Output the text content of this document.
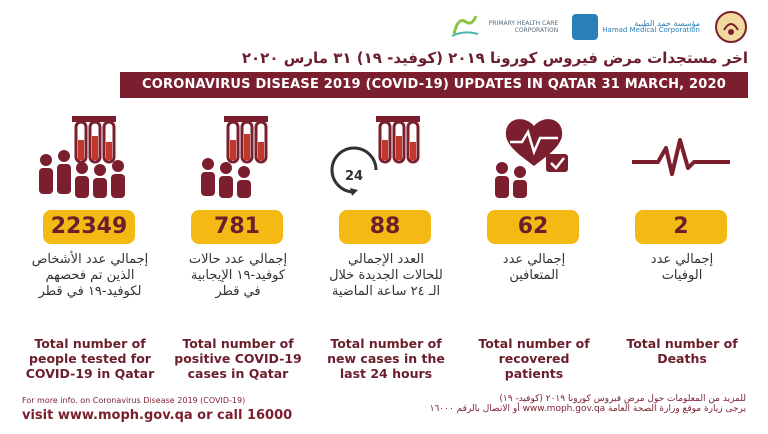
PRIMARY HEALTH CARE CORPORATION
مؤسسة حمد الطبية
Hamad Medical Corporation
اخر مستجدات مرض فيروس كورونا ٢٠١٩ (كوفيد- ١٩) ٣١ مارس ٢٠٢٠
CORONAVIRUS DISEASE 2019 (COVID-19) UPDATES IN QATAR 31 MARCH, 2020
22349
إجمالي عدد الأشخاص
الذين تم فحصهم
لكوفيد-١٩ في قطر
Total number of
people tested for
COVID-19 in Qatar
781
إجمالي عدد حالات
كوفيد-١٩ الإيجابية
في قطر
Total number of
positive COVID-19
cases in Qatar
24
88
العدد الإجمالي
للحالات الجديدة خلال
الـ ٢٤ ساعة الماضية
Total number of
new cases in the
last 24 hours
62
إجمالي عدد
المتعافين
Total number of
recovered
patients
2
إجمالي عدد
الوفيات
Total number of
Deaths
For more info. on Coronavirus Disease 2019 (COVID-19)
visit www.moph.gov.qa or call 16000
للمزيد من المعلومات حول مرض فيروس كورونا ٢٠١٩ (كوفيد- ١٩)
يرجى زيارة موقع وزارة الصحة العامة www.moph.gov.qa أو الاتصال بالرقم ١٦٠٠٠
